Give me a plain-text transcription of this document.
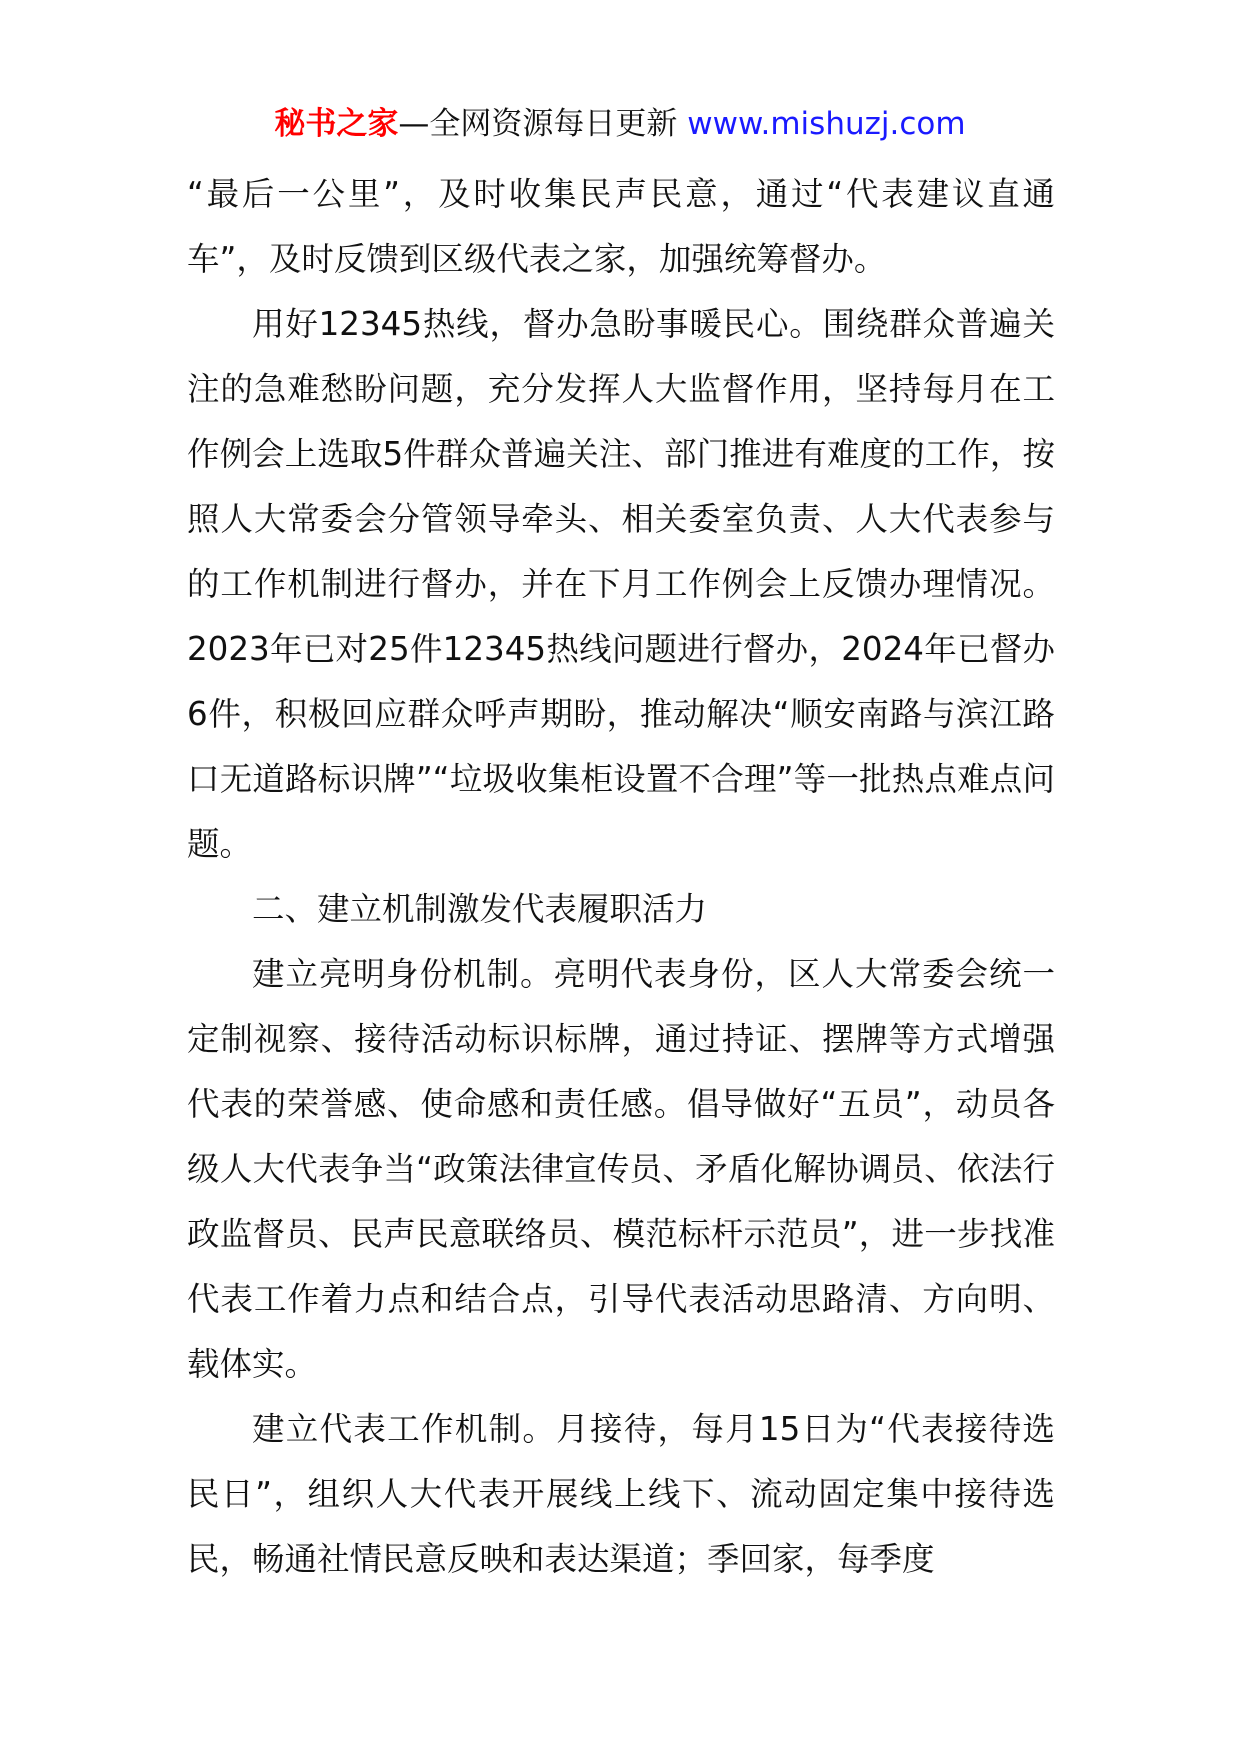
秘书之家—全网资源每日更新 www.mishuzj.com

“最后一公里”，及时收集民声民意，通过“代表建议直通车”，及时反馈到区级代表之家，加强统筹督办。

用好12345热线，督办急盼事暖民心。围绕群众普遍关注的急难愁盼问题，充分发挥人大监督作用，坚持每月在工作例会上选取5件群众普遍关注、部门推进有难度的工作，按照人大常委会分管领导牵头、相关委室负责、人大代表参与的工作机制进行督办，并在下月工作例会上反馈办理情况。2023年已对25件12345热线问题进行督办，2024年已督办6件，积极回应群众呼声期盼，推动解决“顺安南路与滨江路口无道路标识牌”“垃圾收集柜设置不合理”等一批热点难点问题。

二、建立机制激发代表履职活力

建立亮明身份机制。亮明代表身份，区人大常委会统一定制视察、接待活动标识标牌，通过持证、摆牌等方式增强代表的荣誉感、使命感和责任感。倡导做好“五员”，动员各级人大代表争当“政策法律宣传员、矛盾化解协调员、依法行政监督员、民声民意联络员、模范标杆示范员”，进一步找准代表工作着力点和结合点，引导代表活动思路清、方向明、载体实。

建立代表工作机制。月接待，每月15日为“代表接待选民日”，组织人大代表开展线上线下、流动固定集中接待选民，畅通社情民意反映和表达渠道；季回家，每季度
